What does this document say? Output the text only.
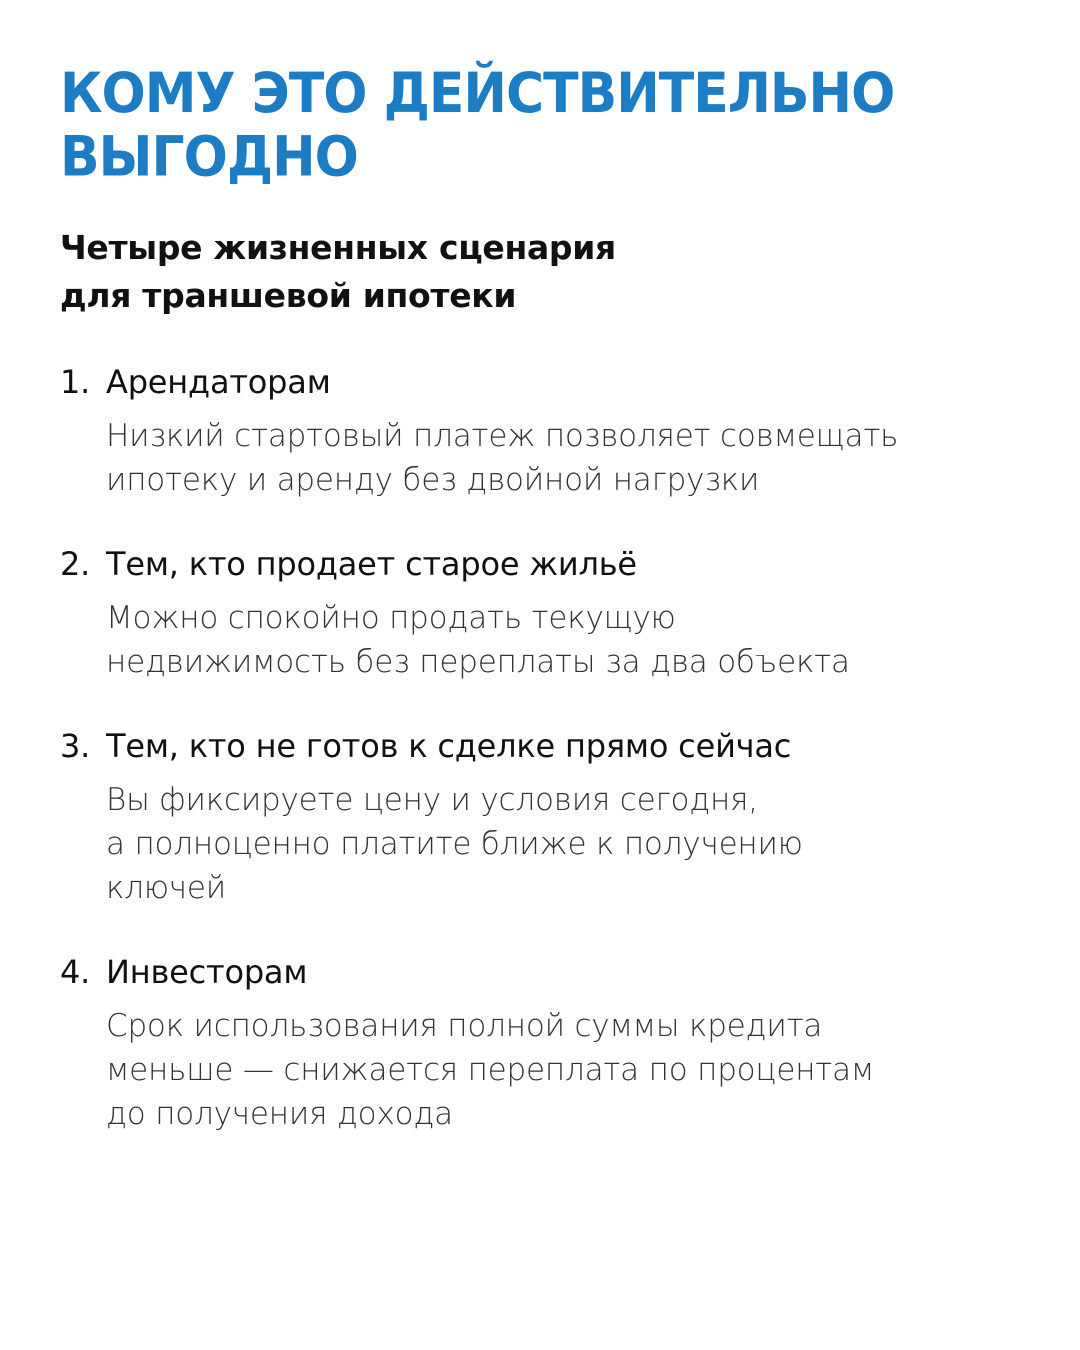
КОМУ ЭТО ДЕЙСТВИТЕЛЬНО
ВЫГОДНО
Четыре жизненных сценария
для траншевой ипотеки
1. Арендаторам
Низкий стартовый платеж позволяет совмещать
ипотеку и аренду без двойной нагрузки
2. Тем, кто продает старое жильё
Можно спокойно продать текущую
недвижимость без переплаты за два объекта
3. Тем, кто не готов к сделке прямо сейчас
Вы фиксируете цену и условия сегодня,
а полноценно платите ближе к получению
ключей
4. Инвесторам
Срок использования полной суммы кредита
меньше — снижается переплата по процентам
до получения дохода
